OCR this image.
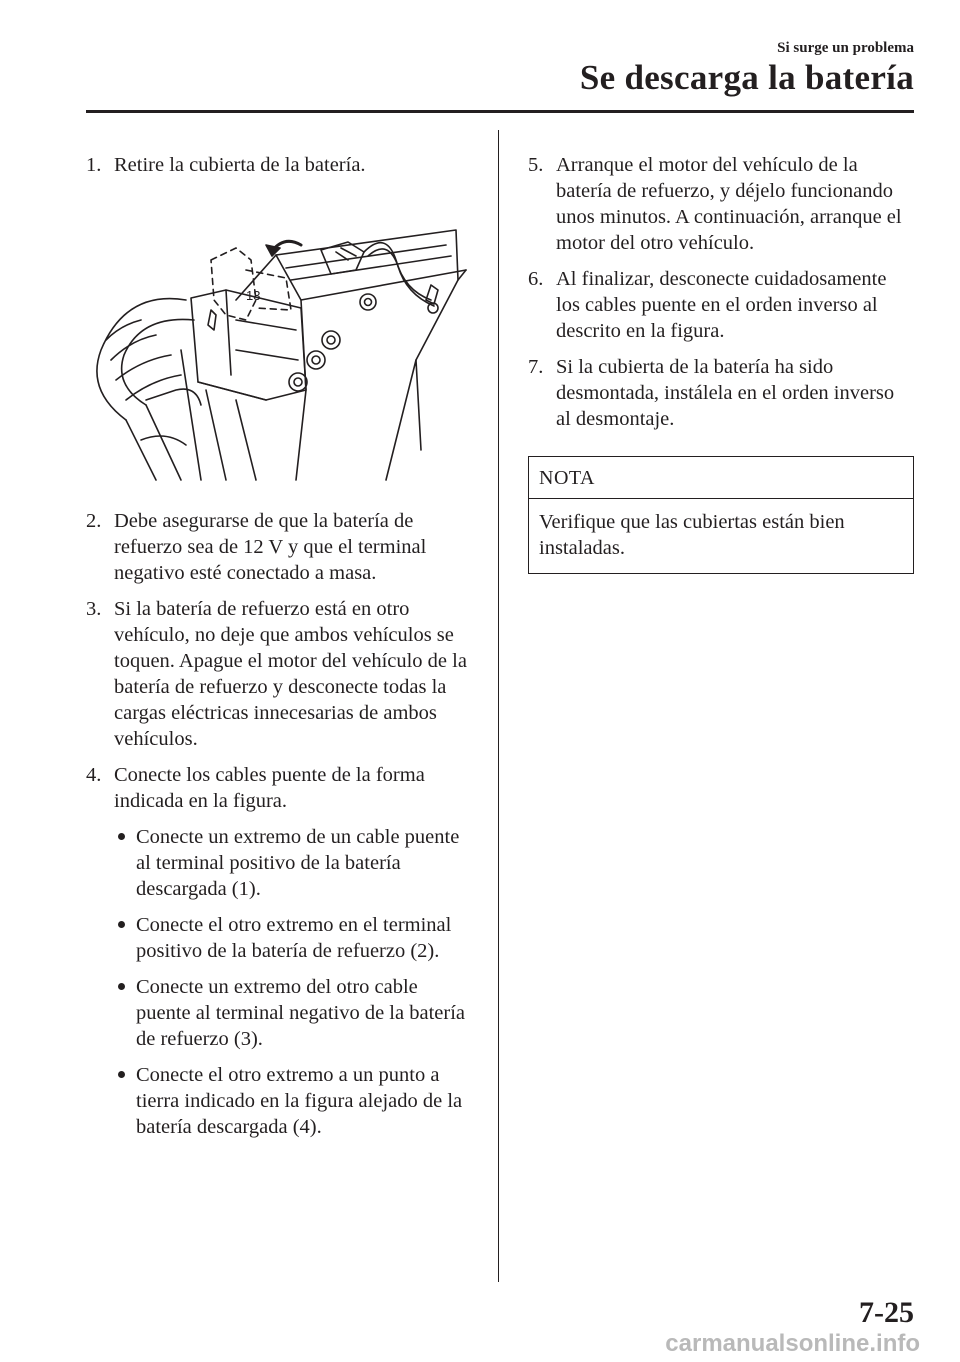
Si surge un problema
Se descarga la batería
1. Retire la cubierta de la batería.
13
2. Debe asegurarse de que la batería de refuerzo sea de 12 V y que el terminal negativo esté conectado a masa.
3. Si la batería de refuerzo está en otro vehículo, no deje que ambos vehículos se toquen. Apague el motor del vehículo de la batería de refuerzo y desconecte todas la cargas eléctricas innecesarias de ambos vehículos.
4. Conecte los cables puente de la forma indicada en la figura.
Conecte un extremo de un cable puente al terminal positivo de la batería descargada (1).
Conecte el otro extremo en el terminal positivo de la batería de refuerzo (2).
Conecte un extremo del otro cable puente al terminal negativo de la batería de refuerzo (3).
Conecte el otro extremo a un punto a tierra indicado en la figura alejado de la batería descargada (4).
5. Arranque el motor del vehículo de la batería de refuerzo, y déjelo funcionando unos minutos. A continuación, arranque el motor del otro vehículo.
6. Al finalizar, desconecte cuidadosamente los cables puente en el orden inverso al descrito en la figura.
7. Si la cubierta de la batería ha sido desmontada, instálela en el orden inverso al desmontaje.
NOTA
Verifique que las cubiertas están bien instaladas.
7-25
carmanualsonline.info
